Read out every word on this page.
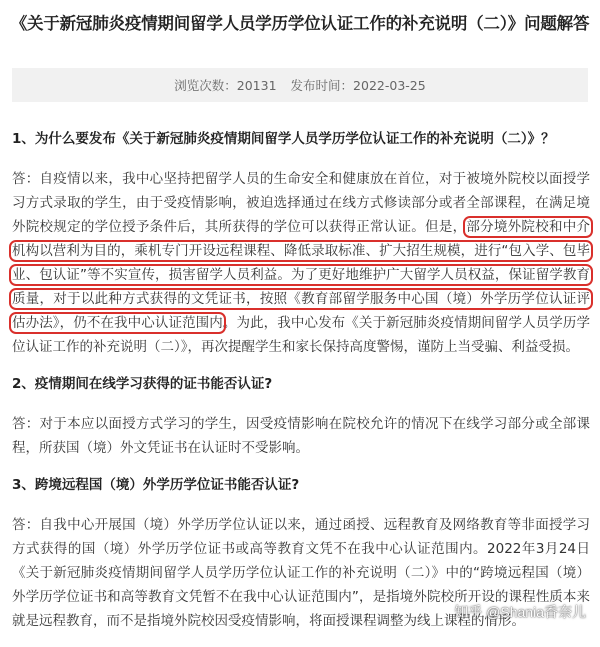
《关于新冠肺炎疫情期间留学人员学历学位认证工作的补充说明（二）》问题解答
浏览次数：20131 发布时间：2022-03-25
1、为什么要发布《关于新冠肺炎疫情期间留学人员学历学位认证工作的补充说明（二）》？

答：自疫情以来，我中心坚持把留学人员的生命安全和健康放在首位，对于被境外院校以面授学习方式录取的学生，由于受疫情影响，被迫选择通过在线方式修读部分或者全部课程，在满足境外院校规定的学位授予条件后，其所获得的学位可以获得正常认证。但是，部分境外院校和中介机构以营利为目的，乘机专门开设远程课程、降低录取标准、扩大招生规模，进行“包入学、包毕业、包认证”等不实宣传，损害留学人员利益。为了更好地维护广大留学人员权益，保证留学教育质量，对于以此种方式获得的文凭证书，按照《教育部留学服务中心国（境）外学历学位认证评估办法》，仍不在我中心认证范围内。为此，我中心发布《关于新冠肺炎疫情期间留学人员学历学位认证工作的补充说明（二）》，再次提醒学生和家长保持高度警惕，谨防上当受骗、利益受损。

2、疫情期间在线学习获得的证书能否认证?

答：对于本应以面授方式学习的学生，因受疫情影响在院校允许的情况下在线学习部分或全部课程，所获国（境）外文凭证书在认证时不受影响。

3、跨境远程国（境）外学历学位证书能否认证?

答：自我中心开展国（境）外学历学位认证以来，通过函授、远程教育及网络教育等非面授学习方式获得的国（境）外学历学位证书或高等教育文凭不在我中心认证范围内。2022年3月24日《关于新冠肺炎疫情期间留学人员学历学位认证工作的补充说明（二）》中的“跨境远程国（境）外学历学位证书和高等教育文凭暂不在我中心认证范围内”，是指境外院校所开设的课程性质本来就是远程教育，而不是指境外院校因受疫情影响，将面授课程调整为线上课程的情形。

知乎 @Shania香奈儿
